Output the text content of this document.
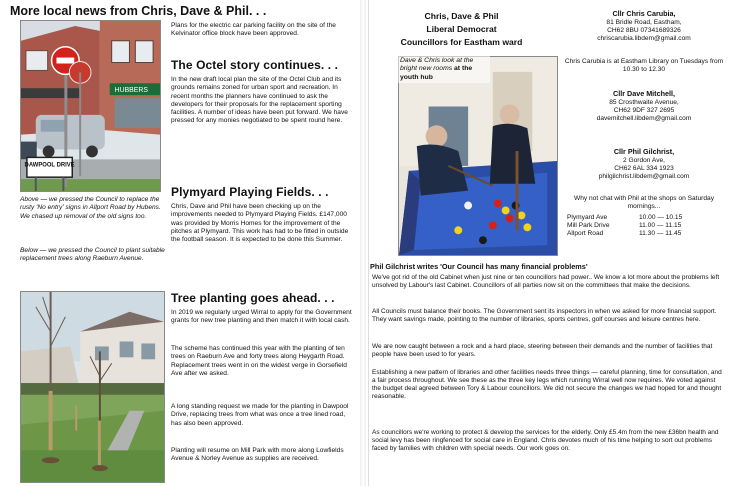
More local news from Chris, Dave & Phil. . .
HUBBERS
DAWPOOL DRIVE
Plans for the electric car parking facility on the site of the Kelvinator office block have been approved.
The Octel story continues. . .
In the new draft local plan the site of the Octel Club and its grounds remains zoned for urban sport and recreation. In recent months the planners have continued to ask the developers for their proposals for the replacement sporting facilities. A number of ideas have been put forward. We have pressed for any monies negotiated to be spent round here.
Plymyard Playing Fields. . .
Chris, Dave and Phil have been checking up on the improvements needed to Plymyard Playing Fields. £147,000 was provided by Morris Homes for the improvement of the pitches at Plymyard. This work has had to be fitted in outside the football season. It is expected to be done this Summer.
Above — we pressed the Council to replace the rusty 'No entry' signs in Allport Road by Hubens. We chased up removal of the old signs too.
Below — we pressed the Council to plant suitable replacement trees along Raeburn Avenue.
Tree planting goes ahead. . .
In 2019 we regularly urged Wirral to apply for the Government grants for new tree planting and then match it with local cash.
The scheme has continued this year with the planting of ten trees on Raeburn Ave and forty trees along Heygarth Road. Replacement trees went in on the widest verge in Gorsefield Ave after we asked.
A long standing request we made for the planting in Dawpool Drive, replacing trees from what was once a tree lined road, has also been approved.
Planting will resume on Mill Park with more along Lowfields Avenue & Norley Avenue as supplies are received.
Chris, Dave & Phil
Liberal Democrat
Councillors for Eastham ward
Dave & Chris look at the bright new rooms at the youth hub
Cllr Chris Carubia,
81 Bridle Road, Eastham,
CH62 8BU 07341689326
chriscarubia.libdem@gmail.com
Chris Carubia is at Eastham Library on Tuesdays from 10.30 to 12.30
Cllr Dave Mitchell,
85 Crosthwaite Avenue,
CH62 9DF 327 2695
davemitchell.libdem@gmail.com
Cllr Phil Gilchrist,
2 Gordon Ave,
CH62 6AL 334 1923
philgilchrist.libdem@gmail.com
Why not chat with Phil at the shops on Saturday mornings...
Plymyard Ave	10.00 — 10.15
Mill Park Drive	11.00 — 11.15
Allport Road	11.30 — 11.45
Phil Gilchrist writes 'Our Council has many financial problems'
We've got rid of the old Cabinet when just nine or ten councillors had power.. We know a lot more about the problems left unsolved by Labour's last Cabinet. Councillors of all parties now sit on the committees that make the decisions.
All Councils must balance their books. The Government sent its inspectors in when we asked for more financial support. They want savings made, pointing to the number of libraries, sports centres, golf courses and leisure centres here.
We are now caught between a rock and a hard place, steering between their demands and the number of facilities that people have been used to for years.
Establishing a new pattern of libraries and other facilities needs three things — careful planning, time for consultation, and a fair process throughout. We see these as the three key legs which running Wirral well now requires. We voted against the budget deal agreed between Tory & Labour councillors. We did not secure the changes we had hoped for and thought reasonable.
As councillors we're working to protect & develop the services for the elderly. Only £5.4m from the new £36bn health and social levy has been ringfenced for social care in England. Chris devotes much of his time helping to sort out problems faced by families with children with special needs. Our work goes on.
